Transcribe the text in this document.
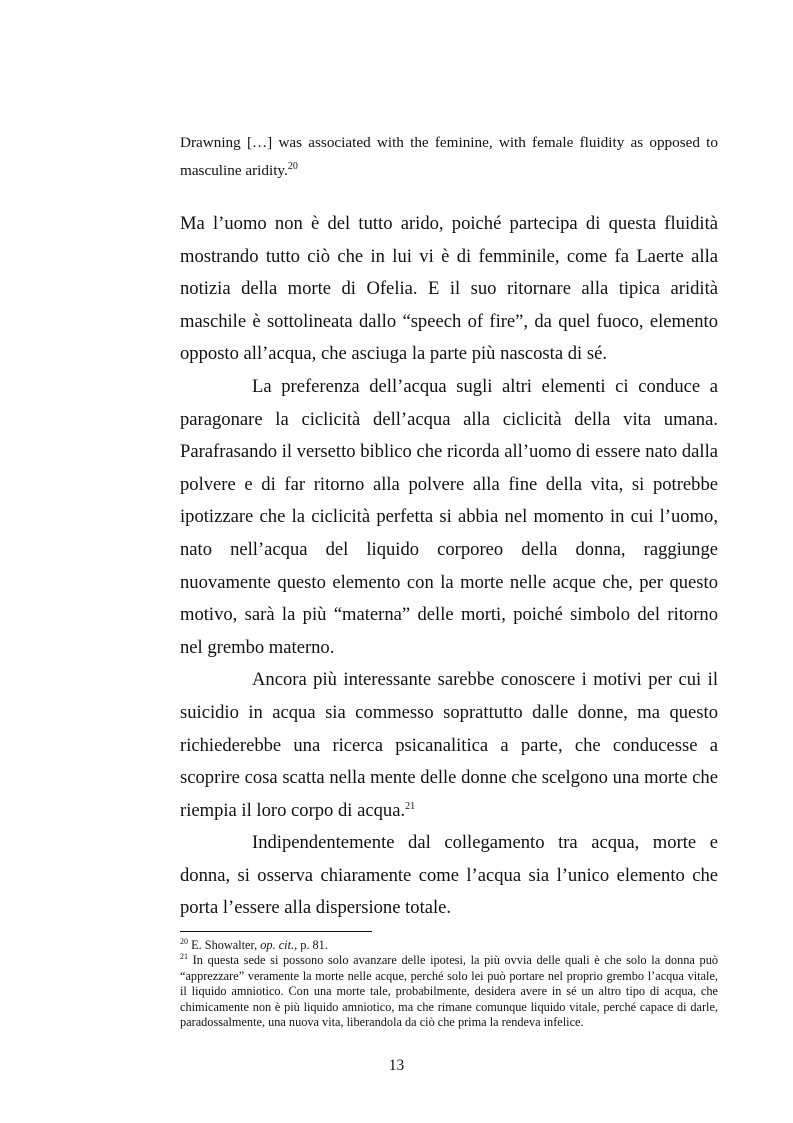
Drawning […] was associated with the feminine, with female fluidity as opposed to masculine aridity.$^{20}$

Ma l’uomo non è del tutto arido, poiché partecipa di questa fluidità mostrando tutto ciò che in lui vi è di femminile, come fa Laerte alla notizia della morte di Ofelia. E il suo ritornare alla tipica aridità maschile è sottolineata dallo “speech of fire”, da quel fuoco, elemento opposto all’acqua, che asciuga la parte più nascosta di sé.

La preferenza dell’acqua sugli altri elementi ci conduce a paragonare la ciclicità dell’acqua alla ciclicità della vita umana. Parafrasando il versetto biblico che ricorda all’uomo di essere nato dalla polvere e di far ritorno alla polvere alla fine della vita, si potrebbe ipotizzare che la ciclicità perfetta si abbia nel momento in cui l’uomo, nato nell’acqua del liquido corporeo della donna, raggiunge nuovamente questo elemento con la morte nelle acque che, per questo motivo, sarà la più “materna” delle morti, poiché simbolo del ritorno nel grembo materno.

Ancora più interessante sarebbe conoscere i motivi per cui il suicidio in acqua sia commesso soprattutto dalle donne, ma questo richiederebbe una ricerca psicanalitica a parte, che conducesse a scoprire cosa scatta nella mente delle donne che scelgono una morte che riempia il loro corpo di acqua.$^{21}$

Indipendentemente dal collegamento tra acqua, morte e donna, si osserva chiaramente come l’acqua sia l’unico elemento che porta l’essere alla dispersione totale.

$^{20}$ E. Showalter, op. cit., p. 81.

$^{21}$ In questa sede si possono solo avanzare delle ipotesi, la più ovvia delle quali è che solo la donna può “apprezzare” veramente la morte nelle acque, perché solo lei può portare nel proprio grembo l’acqua vitale, il liquido amniotico. Con una morte tale, probabilmente, desidera avere in sé un altro tipo di acqua, che chimicamente non è più liquido amniotico, ma che rimane comunque liquido vitale, perché capace di darle, paradossalmente, una nuova vita, liberandola da ciò che prima la rendeva infelice.

13
